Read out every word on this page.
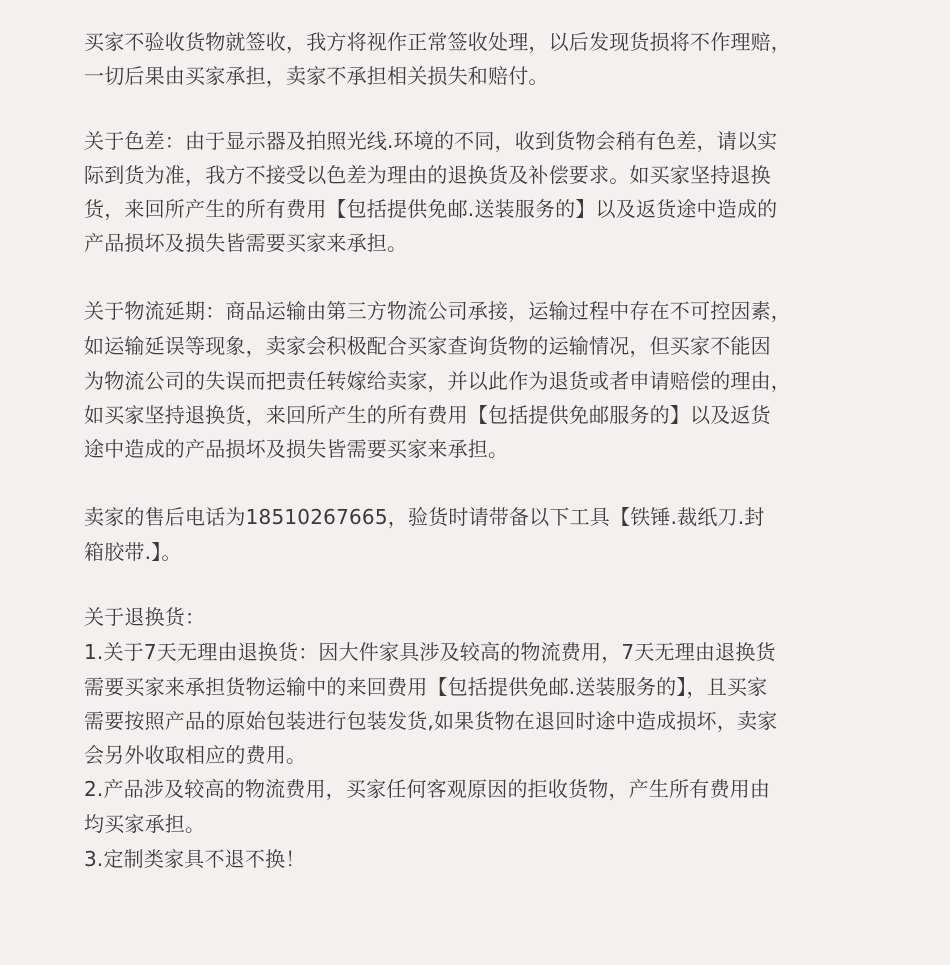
买家不验收货物就签收，我方将视作正常签收处理，以后发现货损将不作理赔，
一切后果由买家承担，卖家不承担相关损失和赔付。
关于色差：由于显示器及拍照光线.环境的不同，收到货物会稍有色差，请以实
际到货为准，我方不接受以色差为理由的退换货及补偿要求。如买家坚持退换
货，来回所产生的所有费用【包括提供免邮.送装服务的】以及返货途中造成的
产品损坏及损失皆需要买家来承担。
关于物流延期：商品运输由第三方物流公司承接，运输过程中存在不可控因素，
如运输延误等现象，卖家会积极配合买家查询货物的运输情况，但买家不能因
为物流公司的失误而把责任转嫁给卖家，并以此作为退货或者申请赔偿的理由，
如买家坚持退换货，来回所产生的所有费用【包括提供免邮服务的】以及返货
途中造成的产品损坏及损失皆需要买家来承担。
卖家的售后电话为18510267665，验货时请带备以下工具【铁锤.裁纸刀.封
箱胶带.】。
关于退换货：
1.关于7天无理由退换货：因大件家具涉及较高的物流费用，7天无理由退换货
需要买家来承担货物运输中的来回费用【包括提供免邮.送装服务的】，且买家
需要按照产品的原始包装进行包装发货,如果货物在退回时途中造成损坏，卖家
会另外收取相应的费用。
2.产品涉及较高的物流费用，买家任何客观原因的拒收货物，产生所有费用由
均买家承担。
3.定制类家具不退不换！
